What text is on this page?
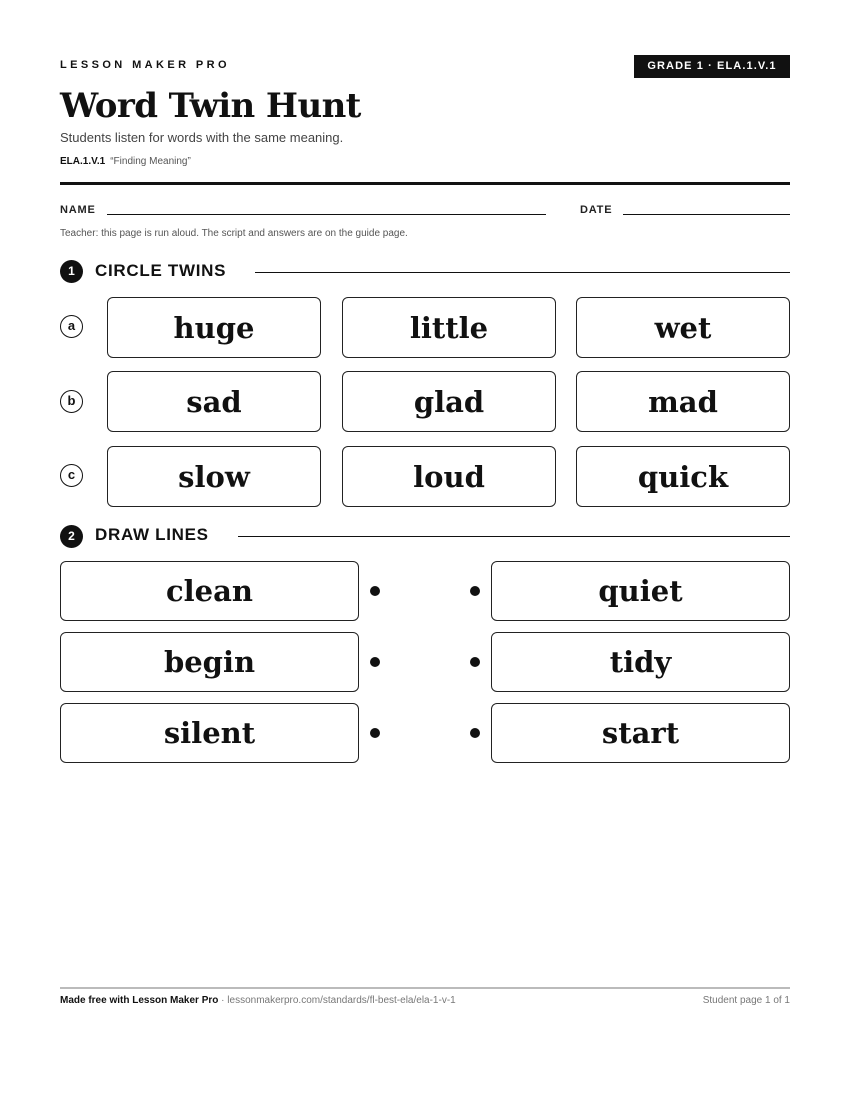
LESSON MAKER PRO	GRADE 1 · ELA.1.V.1
Word Twin Hunt
Students listen for words with the same meaning.
ELA.1.V.1 “Finding Meaning”
NAME	DATE
Teacher: this page is run aloud. The script and answers are on the guide page.
1	CIRCLE TWINS
a	huge	little	wet
b	sad	glad	mad
c	slow	loud	quick
2	DRAW LINES
clean	quiet
begin	tidy
silent	start
Made free with Lesson Maker Pro · lessonmakerpro.com/standards/fl-best-ela/ela-1-v-1	Student page 1 of 1
